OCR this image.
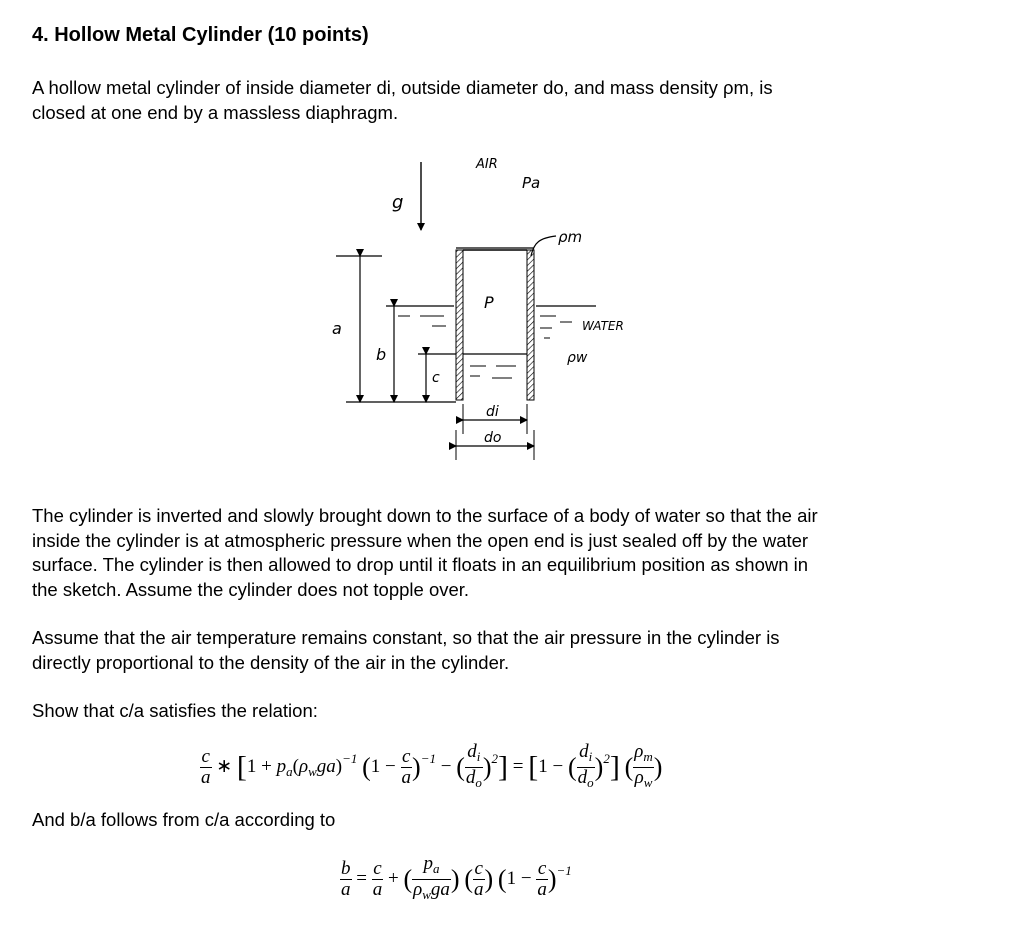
4. Hollow Metal Cylinder (10 points)
A hollow metal cylinder of inside diameter di, outside diameter do, and mass density ρm, is
closed at one end by a massless diaphragm.
g
AIR
Pa
ρm
P
WATER
ρw
a
b
c
di
do
The cylinder is inverted and slowly brought down to the surface of a body of water so that the air
inside the cylinder is at atmospheric pressure when the open end is just sealed off by the water
surface. The cylinder is then allowed to drop until it floats in an equilibrium position as shown in
the sketch. Assume the cylinder does not topple over.
Assume that the air temperature remains constant, so that the air pressure in the cylinder is
directly proportional to the density of the air in the cylinder.
Show that c/a satisfies the relation:
$\frac{c}{a}$ ∗ [$1 + p_a(\rho_wga)^{-1}$ $(1 - \frac{c}{a} )^{-1}$ − ( $\frac{d_i}{d_o} )^2] = [1$ − ( $\frac{d_i}{d_o} )^2$] ( $\frac{\rho_m}{\rho_w}$ )
And b/a follows from c/a according to
$\frac{b}{a} = \frac{c}{a}$ + ( $\frac{p_a}{\rho_wga}$ ) ( $\frac{c}{a}$ ) $(1 - \frac{c}{a} )^{-1}$
